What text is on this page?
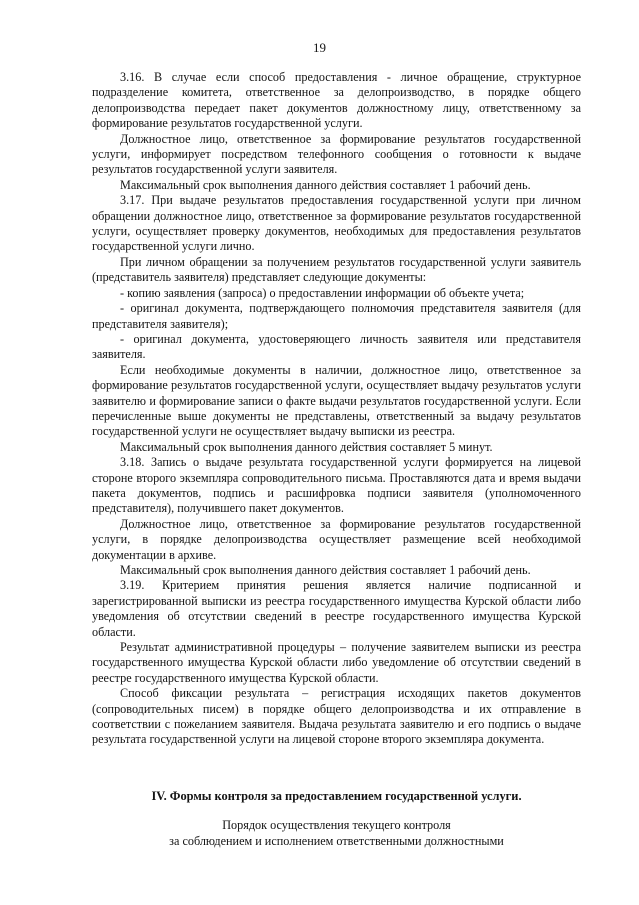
19

3.16. В случае если способ предоставления - личное обращение, структурное подразделение комитета, ответственное за делопроизводство, в порядке общего делопроизводства передает пакет документов должностному лицу, ответственному за формирование результатов государственной услуги.

Должностное лицо, ответственное за формирование результатов государственной услуги, информирует посредством телефонного сообщения о готовности к выдаче результатов государственной услуги заявителя.

Максимальный срок выполнения данного действия составляет 1 рабочий день.

3.17. При выдаче результатов предоставления государственной услуги при личном обращении должностное лицо, ответственное за формирование результатов государственной услуги, осуществляет проверку документов, необходимых для предоставления результатов государственной услуги лично.

При личном обращении за получением результатов государственной услуги заявитель (представитель заявителя) представляет следующие документы:

- копию заявления (запроса) о предоставлении информации об объекте учета;

- оригинал документа, подтверждающего полномочия представителя заявителя (для представителя заявителя);

- оригинал документа, удостоверяющего личность заявителя или представителя заявителя.

Если необходимые документы в наличии, должностное лицо, ответственное за формирование результатов государственной услуги, осуществляет выдачу результатов услуги заявителю и формирование записи о факте выдачи результатов государственной услуги. Если перечисленные выше документы не представлены, ответственный за выдачу результатов государственной услуги не осуществляет выдачу выписки из реестра.

Максимальный срок выполнения данного действия составляет 5 минут.

3.18. Запись о выдаче результата государственной услуги формируется на лицевой стороне второго экземпляра сопроводительного письма. Проставляются дата и время выдачи пакета документов, подпись и расшифровка подписи заявителя (уполномоченного представителя), получившего пакет документов.

Должностное лицо, ответственное за формирование результатов государственной услуги, в порядке делопроизводства осуществляет размещение всей необходимой документации в архиве.

Максимальный срок выполнения данного действия составляет 1 рабочий день.

3.19. Критерием принятия решения является наличие подписанной и зарегистрированной выписки из реестра государственного имущества Курской области либо уведомления об отсутствии сведений в реестре государственного имущества Курской области.

Результат административной процедуры – получение заявителем выписки из реестра государственного имущества Курской области либо уведомление об отсутствии сведений в реестре государственного имущества Курской области.

Способ фиксации результата – регистрация исходящих пакетов документов (сопроводительных писем) в порядке общего делопроизводства и их отправление в соответствии с пожеланием заявителя. Выдача результата заявителю и его подпись о выдаче результата государственной услуги на лицевой стороне второго экземпляра документа.

IV. Формы контроля за предоставлением государственной услуги.
Порядок осуществления текущего контроля
за соблюдением и исполнением ответственными должностными
